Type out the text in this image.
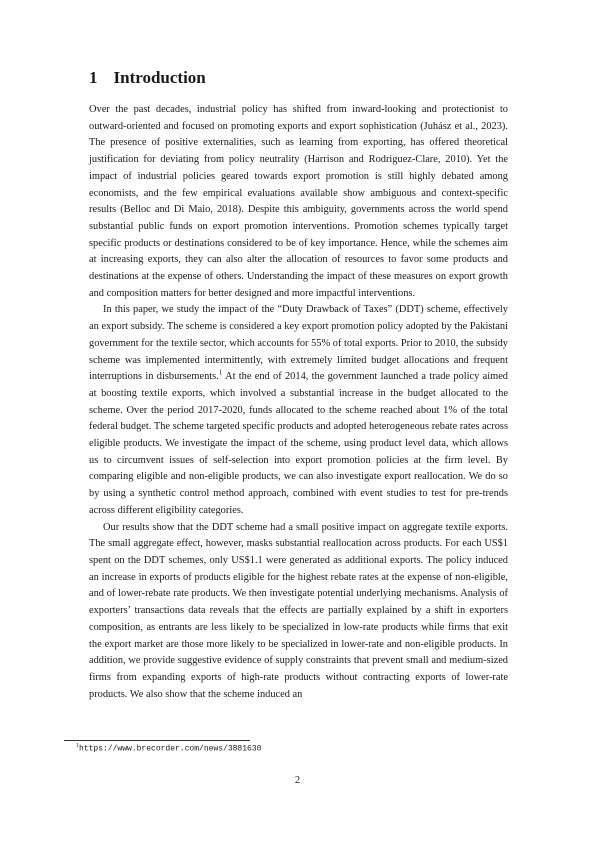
1 Introduction

Over the past decades, industrial policy has shifted from inward-looking and protectionist to outward-oriented and focused on promoting exports and export sophistication (Juhász et al., 2023). The presence of positive externalities, such as learning from exporting, has offered theoretical justification for deviating from policy neutrality (Harrison and Rodriguez-Clare, 2010). Yet the impact of industrial policies geared towards export promotion is still highly debated among economists, and the few empirical evaluations available show ambiguous and context-specific results (Belloc and Di Maio, 2018). Despite this ambiguity, governments across the world spend substantial public funds on export promotion interventions. Promotion schemes typically target specific products or destinations considered to be of key importance. Hence, while the schemes aim at increasing exports, they can also alter the allocation of resources to favor some products and destinations at the expense of others. Understanding the impact of these measures on export growth and composition matters for better designed and more impactful interventions.

In this paper, we study the impact of the “Duty Drawback of Taxes” (DDT) scheme, effectively an export subsidy. The scheme is considered a key export promotion policy adopted by the Pakistani government for the textile sector, which accounts for 55% of total exports. Prior to 2010, the subsidy scheme was implemented intermittently, with extremely limited budget allocations and frequent interruptions in disbursements.$^1$ At the end of 2014, the government launched a trade policy aimed at boosting textile exports, which involved a substantial increase in the budget allocated to the scheme. Over the period 2017-2020, funds allocated to the scheme reached about 1% of the total federal budget. The scheme targeted specific products and adopted heterogeneous rebate rates across eligible products. We investigate the impact of the scheme, using product level data, which allows us to circumvent issues of self-selection into export promotion policies at the firm level. By comparing eligible and non-eligible products, we can also investigate export reallocation. We do so by using a synthetic control method approach, combined with event studies to test for pre-trends across different eligibility categories.

Our results show that the DDT scheme had a small positive impact on aggregate textile exports. The small aggregate effect, however, masks substantial reallocation across products. For each US$1 spent on the DDT schemes, only US$1.1 were generated as additional exports. The policy induced an increase in exports of products eligible for the highest rebate rates at the expense of non-eligible, and of lower-rebate rate products. We then investigate potential underlying mechanisms. Analysis of exporters’ transactions data reveals that the effects are partially explained by a shift in exporters composition, as entrants are less likely to be specialized in low-rate products while firms that exit the export market are those more likely to be specialized in lower-rate and non-eligible products. In addition, we provide suggestive evidence of supply constraints that prevent small and medium-sized firms from expanding exports of high-rate products without contracting exports of lower-rate products. We also show that the scheme induced an

$^1$https://www.brecorder.com/news/3881630
2
